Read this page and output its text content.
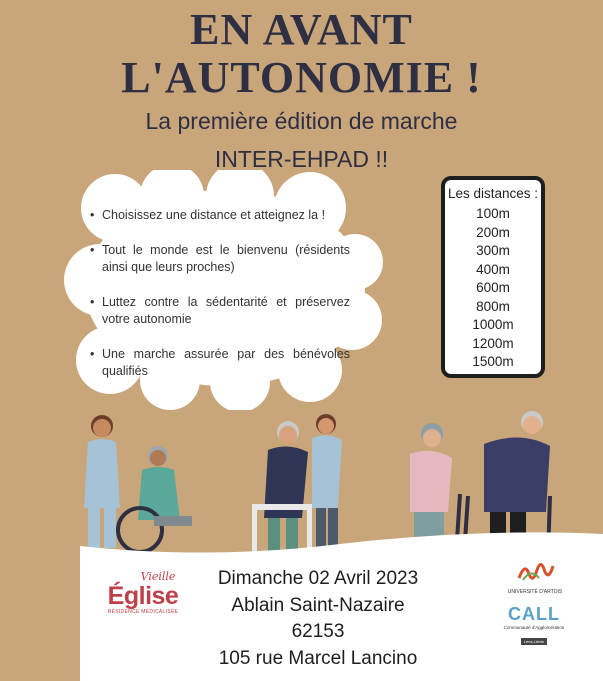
EN AVANT
L'AUTONOMIE !
La première édition de marche
INTER-EHPAD !!
• Choisissez une distance et atteignez la !
• Tout le monde est le bienvenu (résidents ainsi que leurs proches)
• Luttez contre la sédentarité et préservez votre autonomie
• Une marche assurée par des bénévoles qualifiés
Les distances :
100m
200m
300m
400m
600m
800m
1000m
1200m
1500m
Dimanche 02 Avril 2023
Ablain Saint-Nazaire
62153
105 rue Marcel Lancino
Vieille
Église
RÉSIDENCE MÉDICALISÉE
UNIVERSITÉ D'ARTOIS
CALL
Communauté d'Agglomération
Lens-Liévin
